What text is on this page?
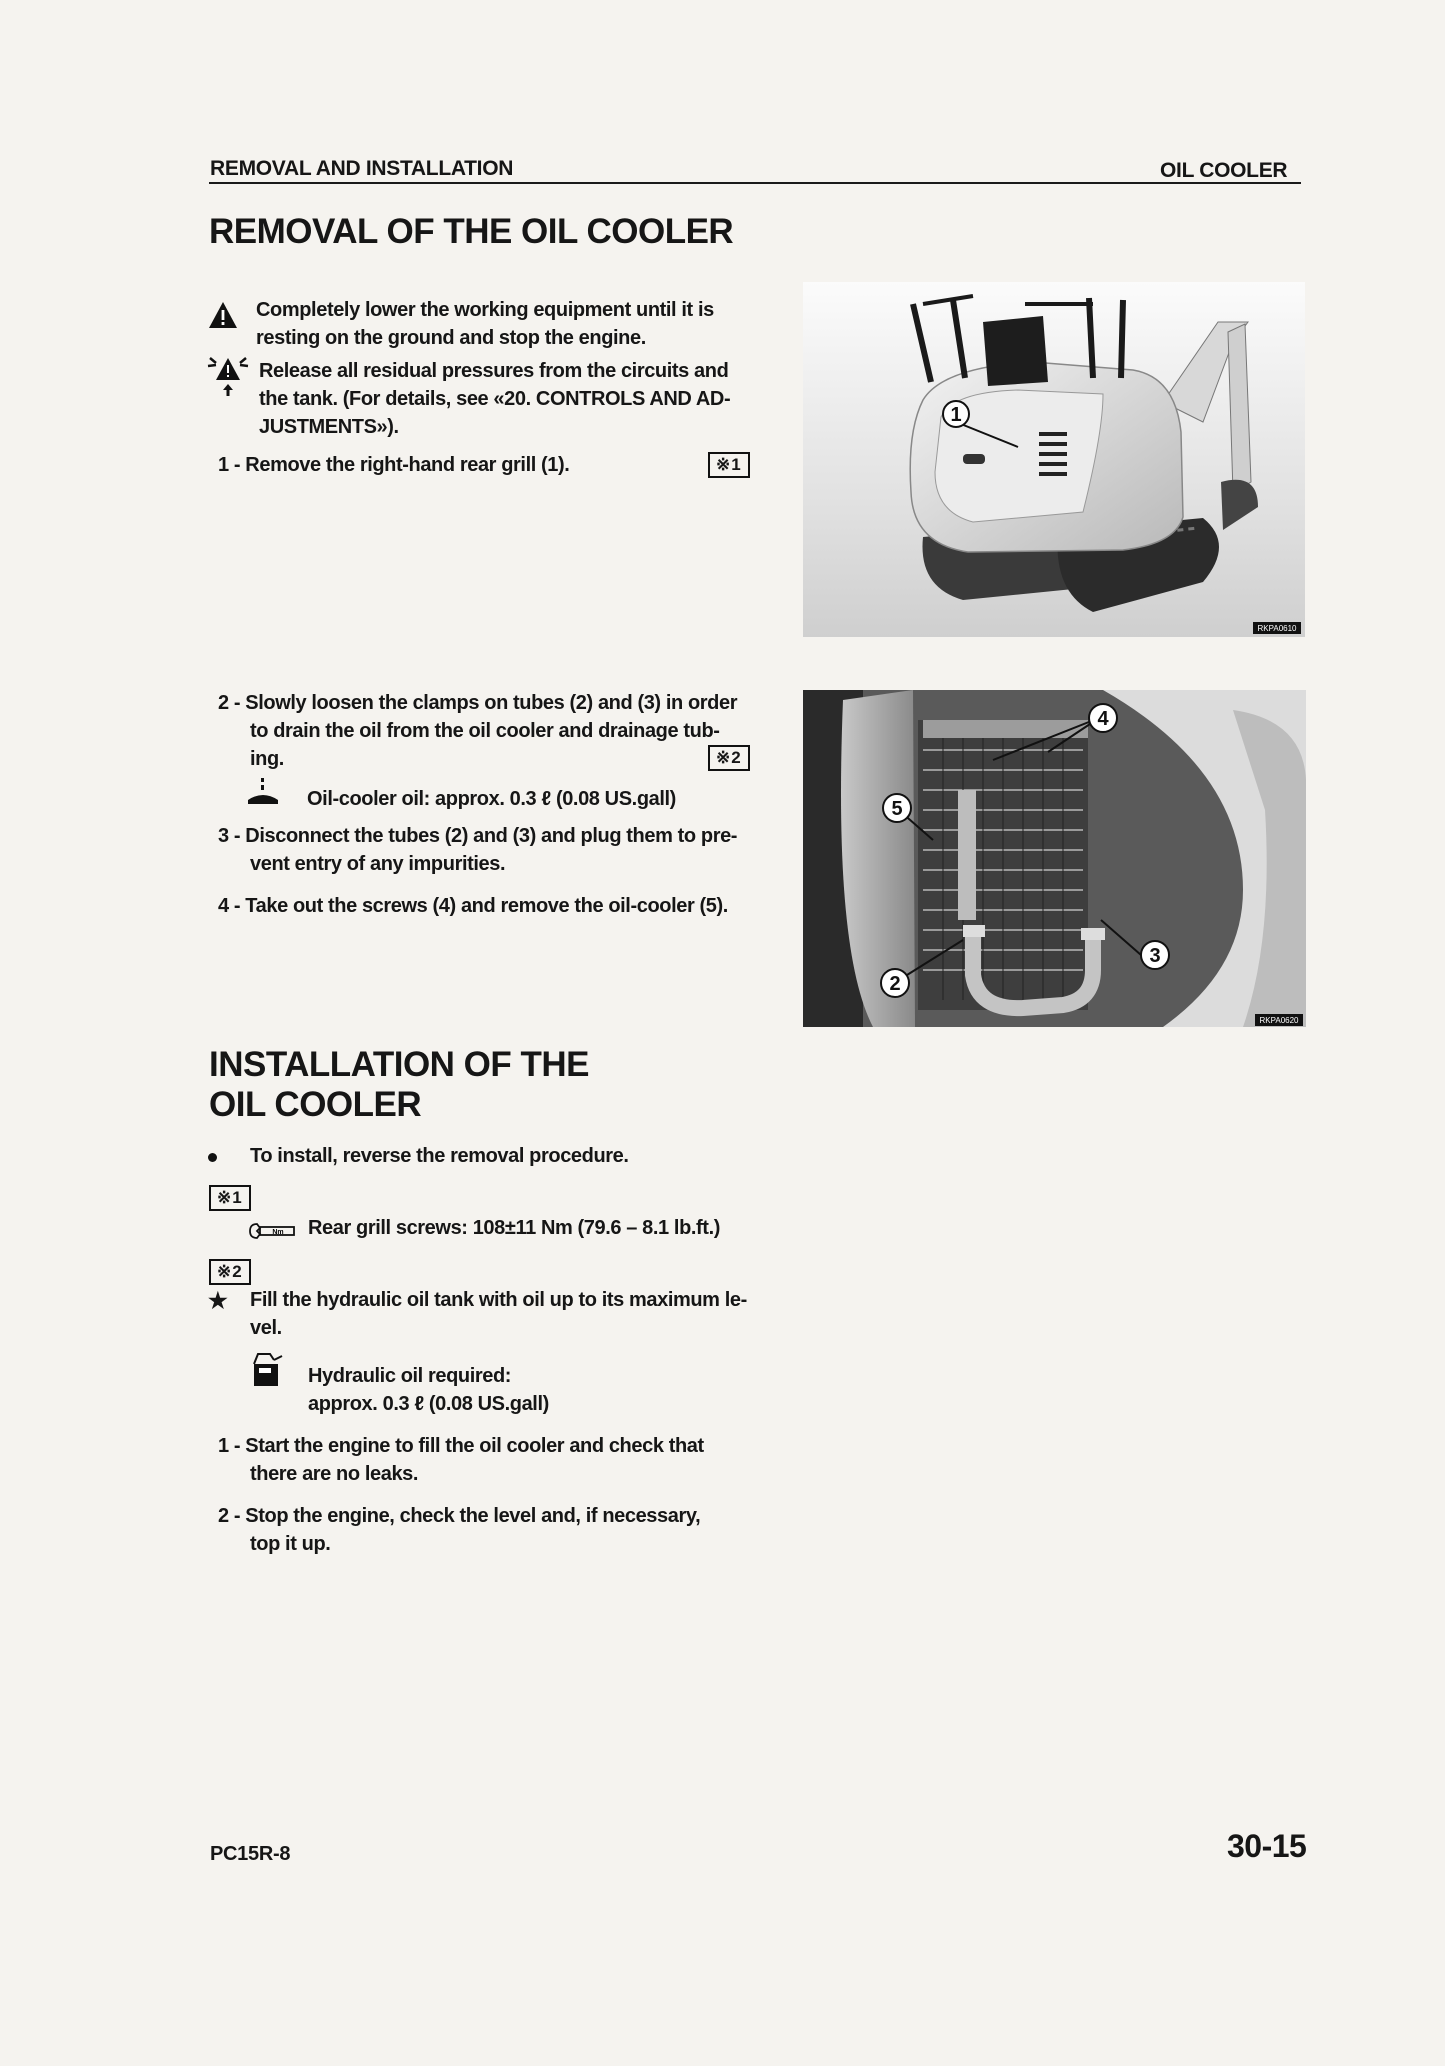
REMOVAL AND INSTALLATION	OIL COOLER
REMOVAL OF THE OIL COOLER
Completely lower the working equipment until it is resting on the ground and stop the engine.
Release all residual pressures from the circuits and
the tank. (For details, see «20. CONTROLS AND AD-
JUSTMENTS»).
1 - Remove the right-hand rear grill (1).	※1
1
RKPA0610
2 - Slowly loosen the clamps on tubes (2) and (3) in order
to drain the oil from the oil cooler and drainage tub-
ing.	※2
Oil-cooler oil: approx. 0.3 ℓ (0.08 US.gall)
3 - Disconnect the tubes (2) and (3) and plug them to pre-
vent entry of any impurities.
4 - Take out the screws (4) and remove the oil-cooler (5).
4
5
3
2
RKPA0620
INSTALLATION OF THE
OIL COOLER
To install, reverse the removal procedure.
※1
Nm Rear grill screws: 108±11 Nm (79.6 – 8.1 lb.ft.)
※2
★ Fill the hydraulic oil tank with oil up to its maximum le-
vel.
Hydraulic oil required:
approx. 0.3 ℓ (0.08 US.gall)
1 - Start the engine to fill the oil cooler and check that
there are no leaks.
2 - Stop the engine, check the level and, if necessary,
top it up.
PC15R-8	30-15
